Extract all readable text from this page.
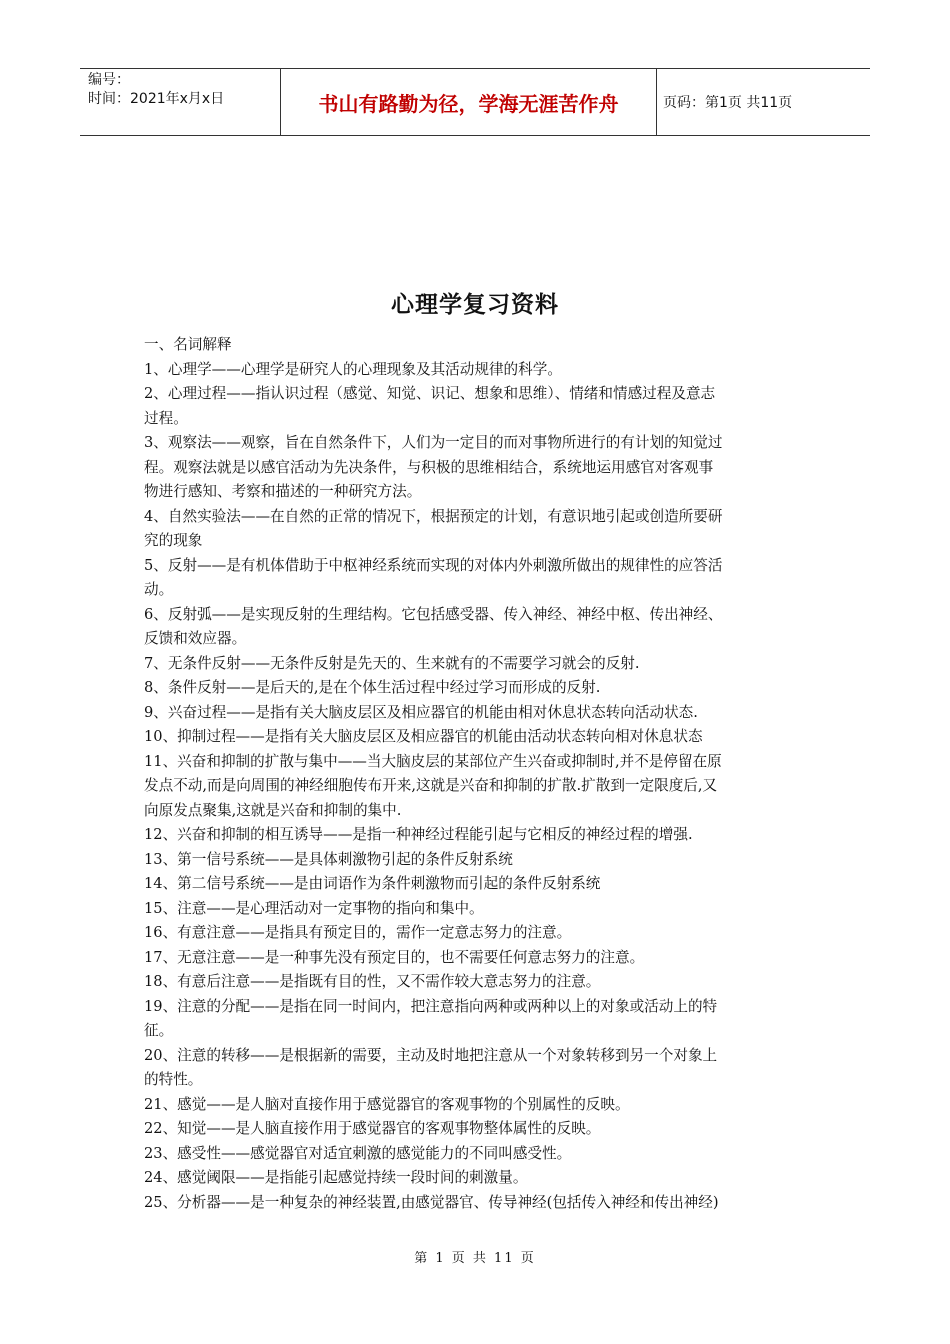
编号：
时间：2021年x月x日	书山有路勤为径，学海无涯苦作舟	页码：第1页 共11页
心理学复习资料
一、名词解释
1、心理学——心理学是研究人的心理现象及其活动规律的科学。
2、心理过程——指认识过程（感觉、知觉、识记、想象和思维）、情绪和情感过程及意志
过程。
3、观察法——观察，旨在自然条件下，人们为一定目的而对事物所进行的有计划的知觉过
程。观察法就是以感官活动为先决条件，与积极的思维相结合，系统地运用感官对客观事
物进行感知、考察和描述的一种研究方法。
4、自然实验法——在自然的正常的情况下，根据预定的计划，有意识地引起或创造所要研
究的现象
5、反射——是有机体借助于中枢神经系统而实现的对体内外刺激所做出的规律性的应答活
动。
6、反射弧——是实现反射的生理结构。它包括感受器、传入神经、神经中枢、传出神经、
反馈和效应器。
7、无条件反射——无条件反射是先天的、生来就有的不需要学习就会的反射.
8、条件反射——是后天的,是在个体生活过程中经过学习而形成的反射.
9、兴奋过程——是指有关大脑皮层区及相应器官的机能由相对休息状态转向活动状态.
10、抑制过程——是指有关大脑皮层区及相应器官的机能由活动状态转向相对休息状态
11、兴奋和抑制的扩散与集中——当大脑皮层的某部位产生兴奋或抑制时,并不是停留在原
发点不动,而是向周围的神经细胞传布开来,这就是兴奋和抑制的扩散.扩散到一定限度后,又
向原发点聚集,这就是兴奋和抑制的集中.
12、兴奋和抑制的相互诱导——是指一种神经过程能引起与它相反的神经过程的增强.
13、第一信号系统——是具体刺激物引起的条件反射系统
14、第二信号系统——是由词语作为条件刺激物而引起的条件反射系统
15、注意——是心理活动对一定事物的指向和集中。
16、有意注意——是指具有预定目的，需作一定意志努力的注意。
17、无意注意——是一种事先没有预定目的，也不需要任何意志努力的注意。
18、有意后注意——是指既有目的性，又不需作较大意志努力的注意。
19、注意的分配——是指在同一时间内，把注意指向两种或两种以上的对象或活动上的特
征。
20、注意的转移——是根据新的需要，主动及时地把注意从一个对象转移到另一个对象上
的特性。
21、感觉——是人脑对直接作用于感觉器官的客观事物的个别属性的反映。
22、知觉——是人脑直接作用于感觉器官的客观事物整体属性的反映。
23、感受性——感觉器官对适宜刺激的感觉能力的不同叫感受性。
24、感觉阈限——是指能引起感觉持续一段时间的刺激量。
25、分析器——是一种复杂的神经装置,由感觉器官、传导神经(包括传入神经和传出神经)
第 1 页 共 11 页
